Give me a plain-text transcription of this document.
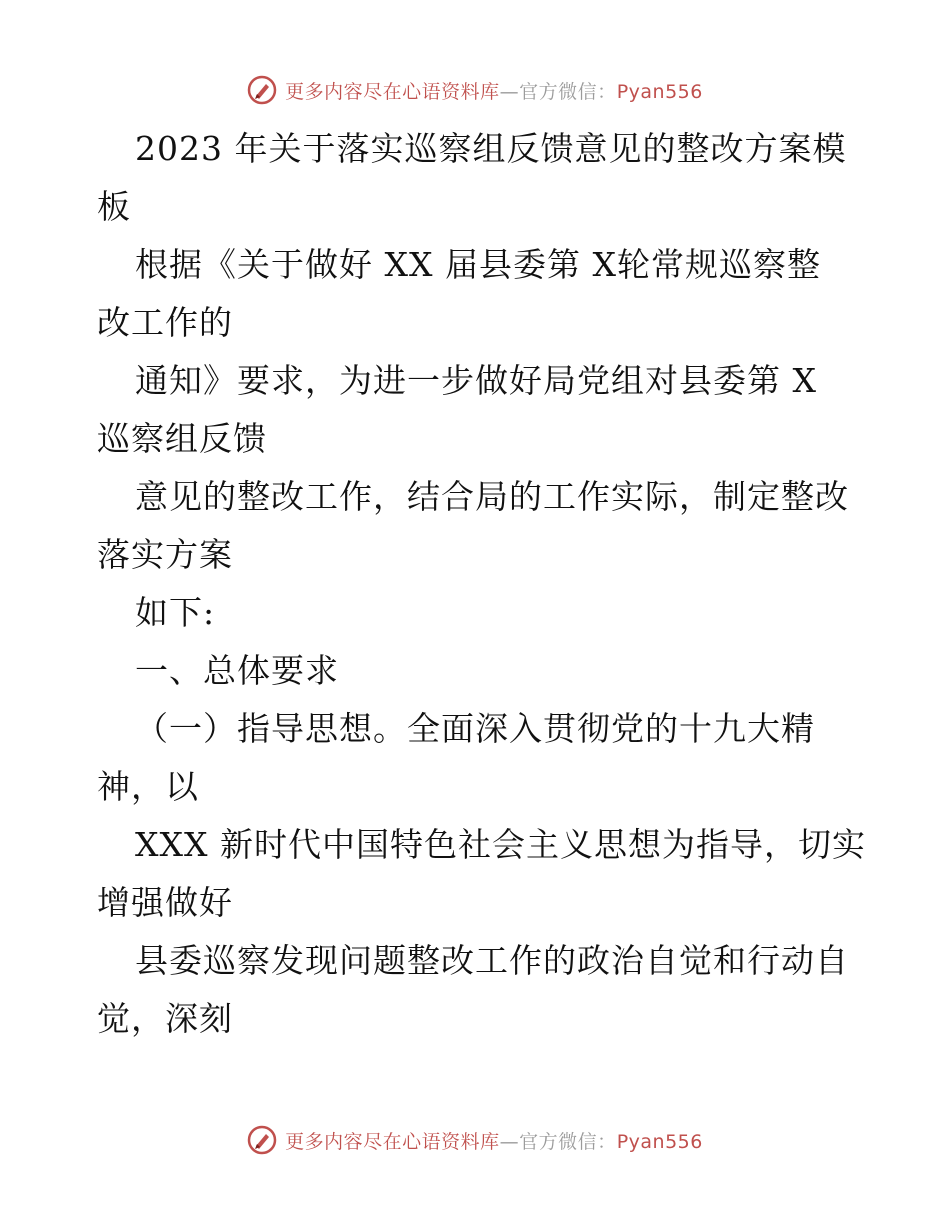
更多内容尽在心语资料库—官方微信：Pyan556
2023 年关于落实巡察组反馈意见的整改方案模
板
根据《关于做好 XX 届县委第 X轮常规巡察整
改工作的
通知》要求，为进一步做好局党组对县委第 X
巡察组反馈
意见的整改工作，结合局的工作实际，制定整改
落实方案
如下:
一、总体要求
（一）指导思想。全面深入贯彻党的十九大精
神，以
XXX 新时代中国特色社会主义思想为指导，切实
增强做好
县委巡察发现问题整改工作的政治自觉和行动自
觉，深刻
更多内容尽在心语资料库—官方微信：Pyan556
